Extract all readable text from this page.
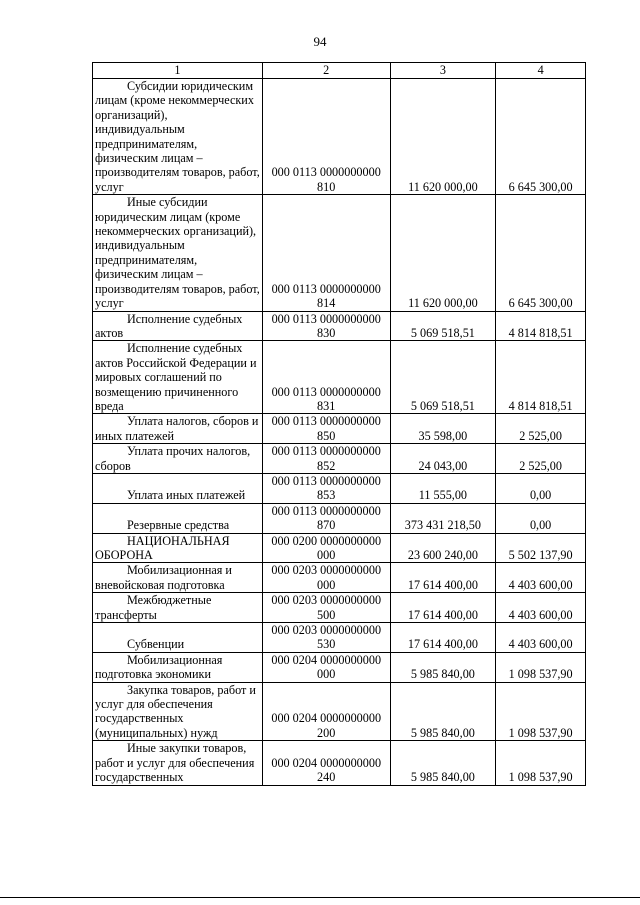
94
1	2	3	4
Субсидии юридическим лицам (кроме некоммерческих организаций), индивидуальным предпринимателям, физическим лицам – производителям товаров, работ, услуг	000 0113 0000000000 810	11 620 000,00	6 645 300,00
Иные субсидии юридическим лицам (кроме некоммерческих организаций), индивидуальным предпринимателям, физическим лицам – производителям товаров, работ, услуг	000 0113 0000000000 814	11 620 000,00	6 645 300,00
Исполнение судебных актов	000 0113 0000000000 830	5 069 518,51	4 814 818,51
Исполнение судебных актов Российской Федерации и мировых соглашений по возмещению причиненного вреда	000 0113 0000000000 831	5 069 518,51	4 814 818,51
Уплата налогов, сборов и иных платежей	000 0113 0000000000 850	35 598,00	2 525,00
Уплата прочих налогов, сборов	000 0113 0000000000 852	24 043,00	2 525,00
Уплата иных платежей	000 0113 0000000000 853	11 555,00	0,00
Резервные средства	000 0113 0000000000 870	373 431 218,50	0,00
НАЦИОНАЛЬНАЯ ОБОРОНА	000 0200 0000000000 000	23 600 240,00	5 502 137,90
Мобилизационная и вневойсковая подготовка	000 0203 0000000000 000	17 614 400,00	4 403 600,00
Межбюджетные трансферты	000 0203 0000000000 500	17 614 400,00	4 403 600,00
Субвенции	000 0203 0000000000 530	17 614 400,00	4 403 600,00
Мобилизационная подготовка экономики	000 0204 0000000000 000	5 985 840,00	1 098 537,90
Закупка товаров, работ и услуг для обеспечения государственных (муниципальных) нужд	000 0204 0000000000 200	5 985 840,00	1 098 537,90
Иные закупки товаров, работ и услуг для обеспечения государственных	000 0204 0000000000 240	5 985 840,00	1 098 537,90
